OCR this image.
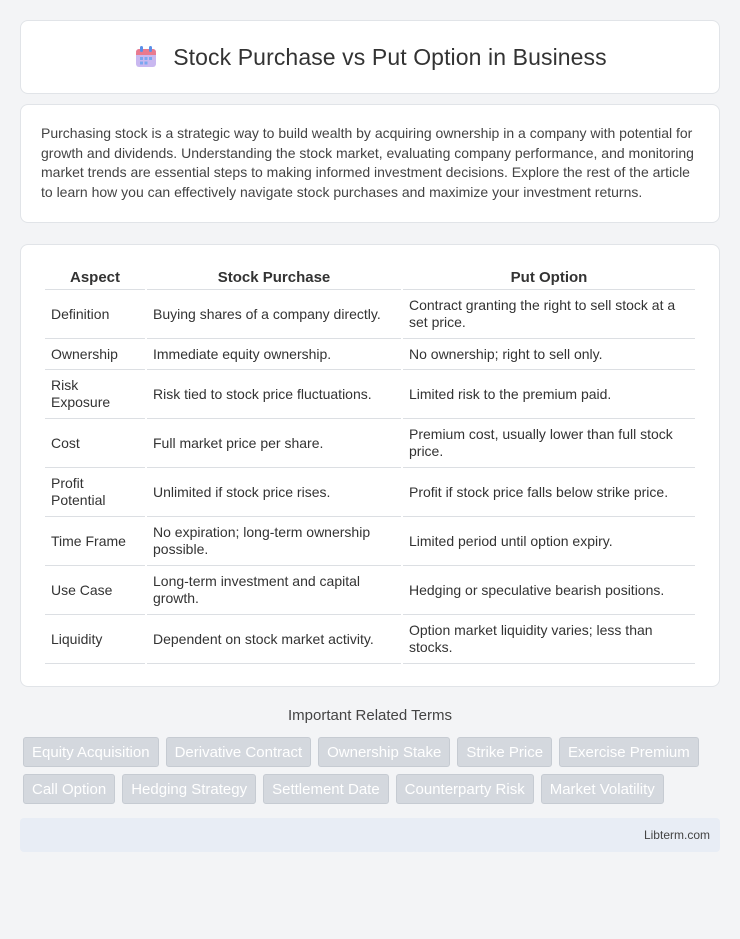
Stock Purchase vs Put Option in Business

Purchasing stock is a strategic way to build wealth by acquiring ownership in a company with potential for growth and dividends. Understanding the stock market, evaluating company performance, and monitoring market trends are essential steps to making informed investment decisions. Explore the rest of the article to learn how you can effectively navigate stock purchases and maximize your investment returns.

Aspect	Stock Purchase	Put Option
Definition	Buying shares of a company directly.	Contract granting the right to sell stock at a set price.
Ownership	Immediate equity ownership.	No ownership; right to sell only.
Risk Exposure	Risk tied to stock price fluctuations.	Limited risk to the premium paid.
Cost	Full market price per share.	Premium cost, usually lower than full stock price.
Profit Potential	Unlimited if stock price rises.	Profit if stock price falls below strike price.
Time Frame	No expiration; long-term ownership possible.	Limited period until option expiry.
Use Case	Long-term investment and capital growth.	Hedging or speculative bearish positions.
Liquidity	Dependent on stock market activity.	Option market liquidity varies; less than stocks.
Important Related Terms
Equity Acquisition	Derivative Contract	Ownership Stake	Strike Price	Exercise Premium
Call Option	Hedging Strategy	Settlement Date	Counterparty Risk	Market Volatility
Libterm.com
